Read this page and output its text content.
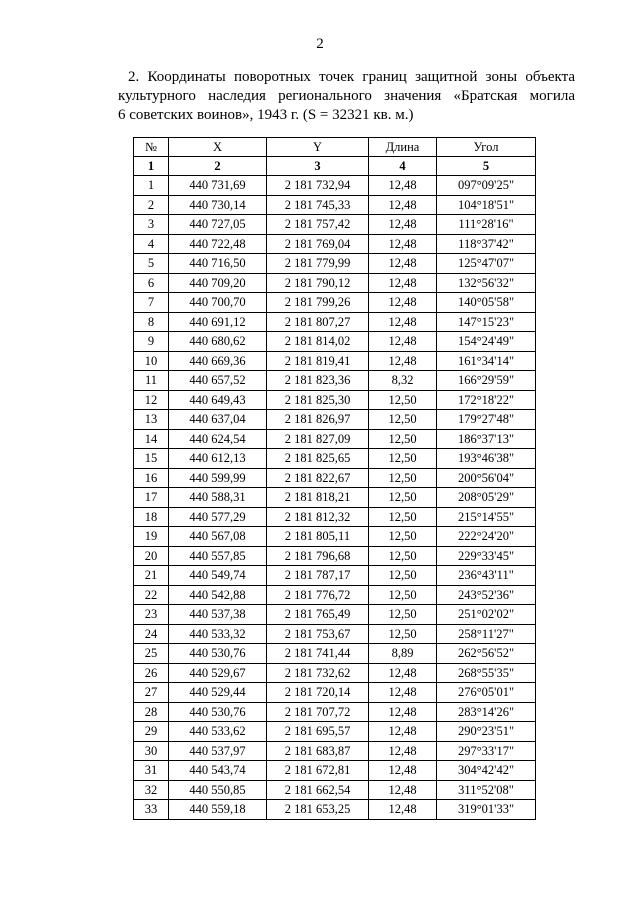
2
2. Координаты поворотных точек границ защитной зоны объекта
культурного наследия регионального значения «Братская могила
6 советских воинов», 1943 г. (S = 32321 кв. м.)
№	X	Y	Длина	Угол
1	2	3	4	5
1	440 731,69	2 181 732,94	12,48	097°09'25"
2	440 730,14	2 181 745,33	12,48	104°18'51"
3	440 727,05	2 181 757,42	12,48	111°28'16"
4	440 722,48	2 181 769,04	12,48	118°37'42"
5	440 716,50	2 181 779,99	12,48	125°47'07"
6	440 709,20	2 181 790,12	12,48	132°56'32"
7	440 700,70	2 181 799,26	12,48	140°05'58"
8	440 691,12	2 181 807,27	12,48	147°15'23"
9	440 680,62	2 181 814,02	12,48	154°24'49"
10	440 669,36	2 181 819,41	12,48	161°34'14"
11	440 657,52	2 181 823,36	8,32	166°29'59"
12	440 649,43	2 181 825,30	12,50	172°18'22"
13	440 637,04	2 181 826,97	12,50	179°27'48"
14	440 624,54	2 181 827,09	12,50	186°37'13"
15	440 612,13	2 181 825,65	12,50	193°46'38"
16	440 599,99	2 181 822,67	12,50	200°56'04"
17	440 588,31	2 181 818,21	12,50	208°05'29"
18	440 577,29	2 181 812,32	12,50	215°14'55"
19	440 567,08	2 181 805,11	12,50	222°24'20"
20	440 557,85	2 181 796,68	12,50	229°33'45"
21	440 549,74	2 181 787,17	12,50	236°43'11"
22	440 542,88	2 181 776,72	12,50	243°52'36"
23	440 537,38	2 181 765,49	12,50	251°02'02"
24	440 533,32	2 181 753,67	12,50	258°11'27"
25	440 530,76	2 181 741,44	8,89	262°56'52"
26	440 529,67	2 181 732,62	12,48	268°55'35"
27	440 529,44	2 181 720,14	12,48	276°05'01"
28	440 530,76	2 181 707,72	12,48	283°14'26"
29	440 533,62	2 181 695,57	12,48	290°23'51"
30	440 537,97	2 181 683,87	12,48	297°33'17"
31	440 543,74	2 181 672,81	12,48	304°42'42"
32	440 550,85	2 181 662,54	12,48	311°52'08"
33	440 559,18	2 181 653,25	12,48	319°01'33"
